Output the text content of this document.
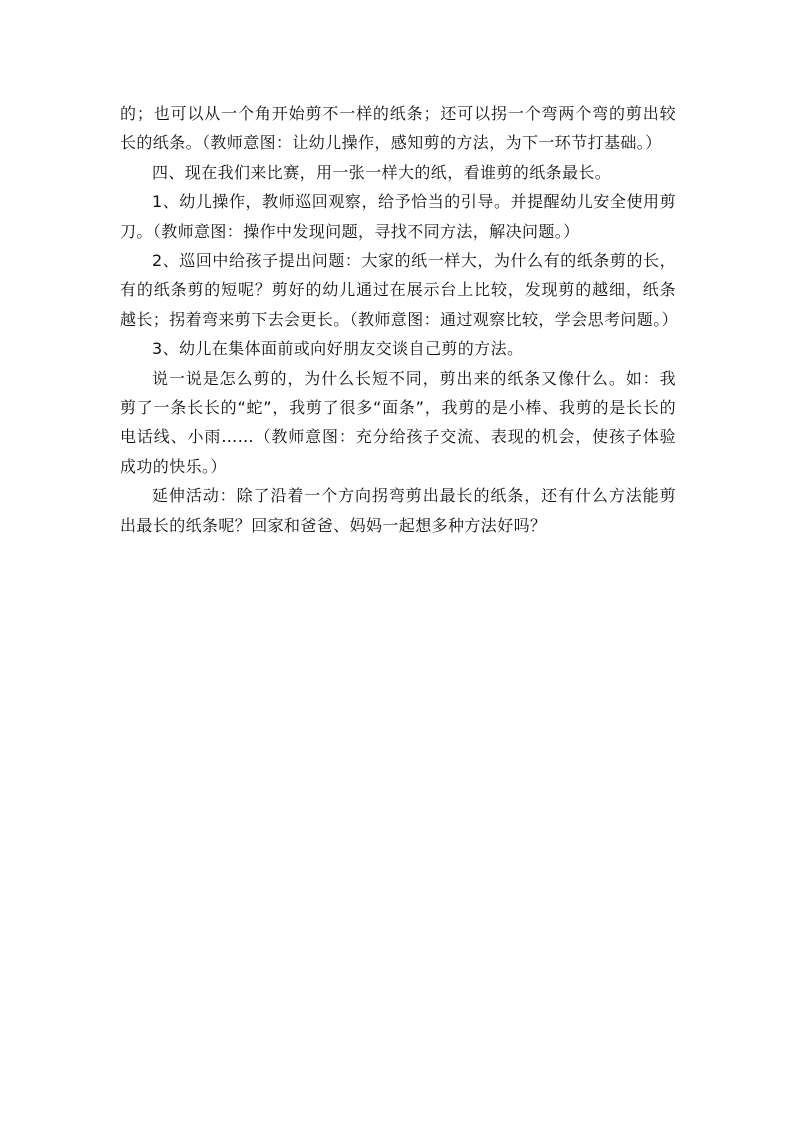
的；也可以从一个角开始剪不一样的纸条；还可以拐一个弯两个弯的剪出较长的纸条。（教师意图：让幼儿操作，感知剪的方法，为下一环节打基础。）

四、现在我们来比赛，用一张一样大的纸，看谁剪的纸条最长。

1、幼儿操作，教师巡回观察，给予恰当的引导。并提醒幼儿安全使用剪刀。（教师意图：操作中发现问题，寻找不同方法，解决问题。）

2、巡回中给孩子提出问题：大家的纸一样大，为什么有的纸条剪的长，有的纸条剪的短呢？剪好的幼儿通过在展示台上比较，发现剪的越细，纸条越长；拐着弯来剪下去会更长。（教师意图：通过观察比较，学会思考问题。）

3、幼儿在集体面前或向好朋友交谈自己剪的方法。

说一说是怎么剪的，为什么长短不同，剪出来的纸条又像什么。如：我剪了一条长长的“蛇”，我剪了很多“面条”，我剪的是小棒、我剪的是长长的电话线、小雨……（教师意图：充分给孩子交流、表现的机会，使孩子体验成功的快乐。）

延伸活动：除了沿着一个方向拐弯剪出最长的纸条，还有什么方法能剪出最长的纸条呢？回家和爸爸、妈妈一起想多种方法好吗？
